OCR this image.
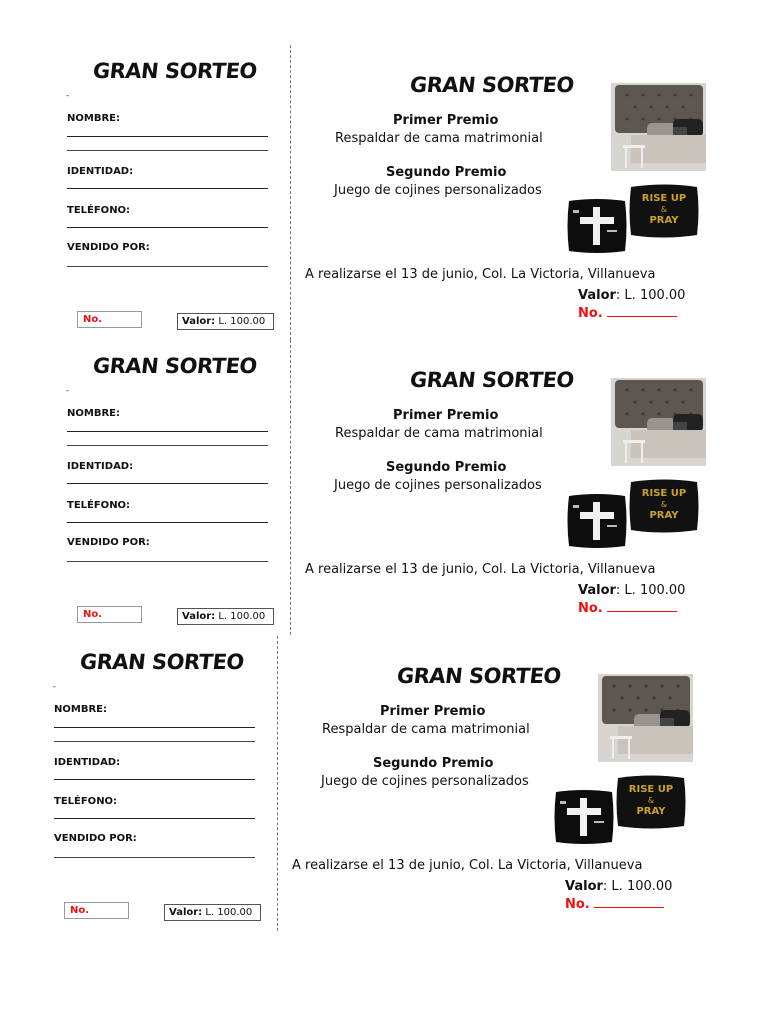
GRAN SORTEO
-
NOMBRE:
IDENTIDAD:
TELÉFONO:
VENDIDO POR:
No.	Valor: L. 100.00
GRAN SORTEO
Primer Premio
Respaldar de cama matrimonial
Segundo Premio
Juego de cojines personalizados
RISE UP
&
PRAY
A realizarse el 13 de junio, Col. La Victoria, Villanueva
Valor: L. 100.00
No.
GRAN SORTEO
-
NOMBRE:
IDENTIDAD:
TELÉFONO:
VENDIDO POR:
No.	Valor: L. 100.00
GRAN SORTEO
Primer Premio
Respaldar de cama matrimonial
Segundo Premio
Juego de cojines personalizados
RISE UP
&
PRAY
A realizarse el 13 de junio, Col. La Victoria, Villanueva
Valor: L. 100.00
No.
GRAN SORTEO
-
NOMBRE:
IDENTIDAD:
TELÉFONO:
VENDIDO POR:
No.	Valor: L. 100.00
GRAN SORTEO
Primer Premio
Respaldar de cama matrimonial
Segundo Premio
Juego de cojines personalizados
RISE UP
&
PRAY
A realizarse el 13 de junio, Col. La Victoria, Villanueva
Valor: L. 100.00
No.
